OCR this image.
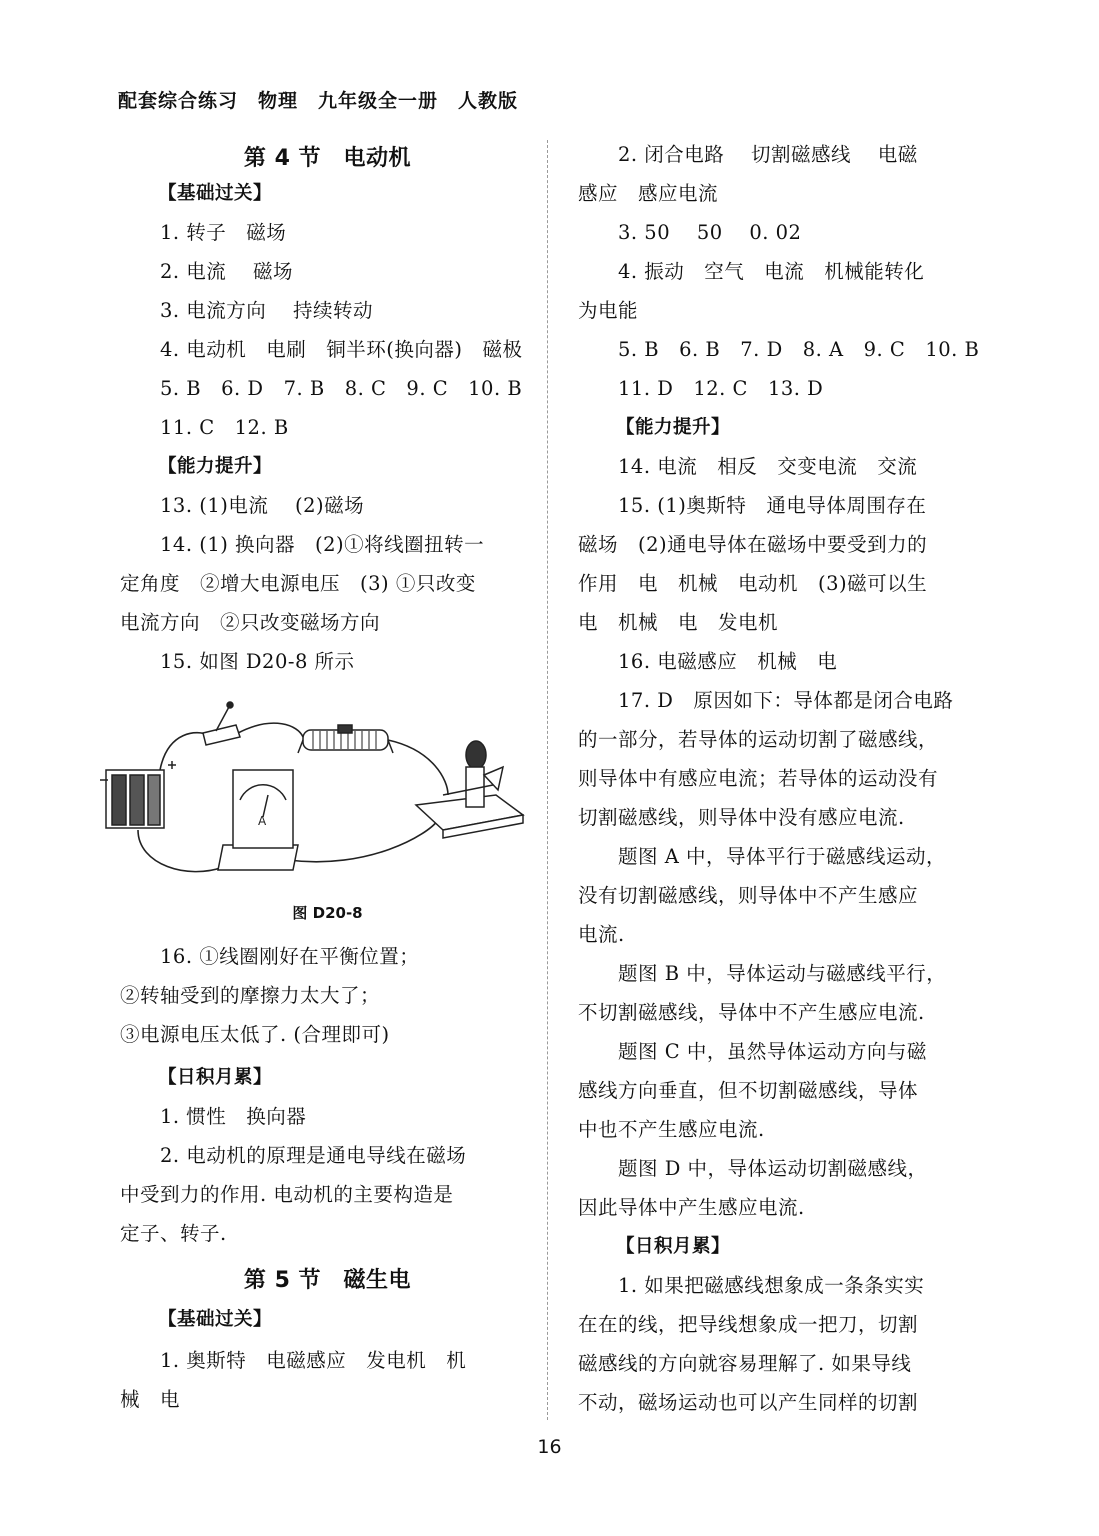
配套综合练习　物理　九年级全一册　人教版
第 4 节　电动机
【基础过关】
1. 转子　磁场
2. 电流　 磁场
3. 电流方向　 持续转动
4. 电动机　电刷　铜半环(换向器)　磁极
5. B　6. D　7. B　8. C　9. C　10. B
11. C　12. B
【能力提升】
13. (1)电流　 (2)磁场
14. (1) 换向器　(2)①将线圈扭转一
定角度　②增大电源电压　(3) ①只改变
电流方向　②只改变磁场方向
15. 如图 D20-8 所示
16. ①线圈刚好在平衡位置；
②转轴受到的摩擦力太大了；
③电源电压太低了. (合理即可)
【日积月累】
1. 惯性　换向器
2. 电动机的原理是通电导线在磁场
中受到力的作用. 电动机的主要构造是
定子、转子.
第 5 节　磁生电
【基础过关】
1. 奥斯特　电磁感应　发电机　机
械　电
2. 闭合电路　 切割磁感线　 电磁
感应　感应电流
3. 50　 50　 0. 02
4. 振动　空气　电流　机械能转化
为电能
5. B　6. B　7. D　8. A　9. C　10. B
11. D　12. C　13. D
【能力提升】
14. 电流　相反　交变电流　交流
15. (1)奥斯特　通电导体周围存在
磁场　(2)通电导体在磁场中要受到力的
作用　电　机械　电动机　(3)磁可以生
电　机械　电　发电机
16. 电磁感应　机械　电
17. D　原因如下：导体都是闭合电路
的一部分，若导体的运动切割了磁感线，
则导体中有感应电流；若导体的运动没有
切割磁感线，则导体中没有感应电流.
题图 A 中，导体平行于磁感线运动，
没有切割磁感线，则导体中不产生感应
电流.
题图 B 中，导体运动与磁感线平行，
不切割磁感线，导体中不产生感应电流.
题图 C 中，虽然导体运动方向与磁
感线方向垂直，但不切割磁感线，导体
中也不产生感应电流.
题图 D 中，导体运动切割磁感线，
因此导体中产生感应电流.
【日积月累】
1. 如果把磁感线想象成一条条实实
在在的线，把导线想象成一把刀，切割
磁感线的方向就容易理解了. 如果导线
不动，磁场运动也可以产生同样的切割
A
图 D20-8
16
